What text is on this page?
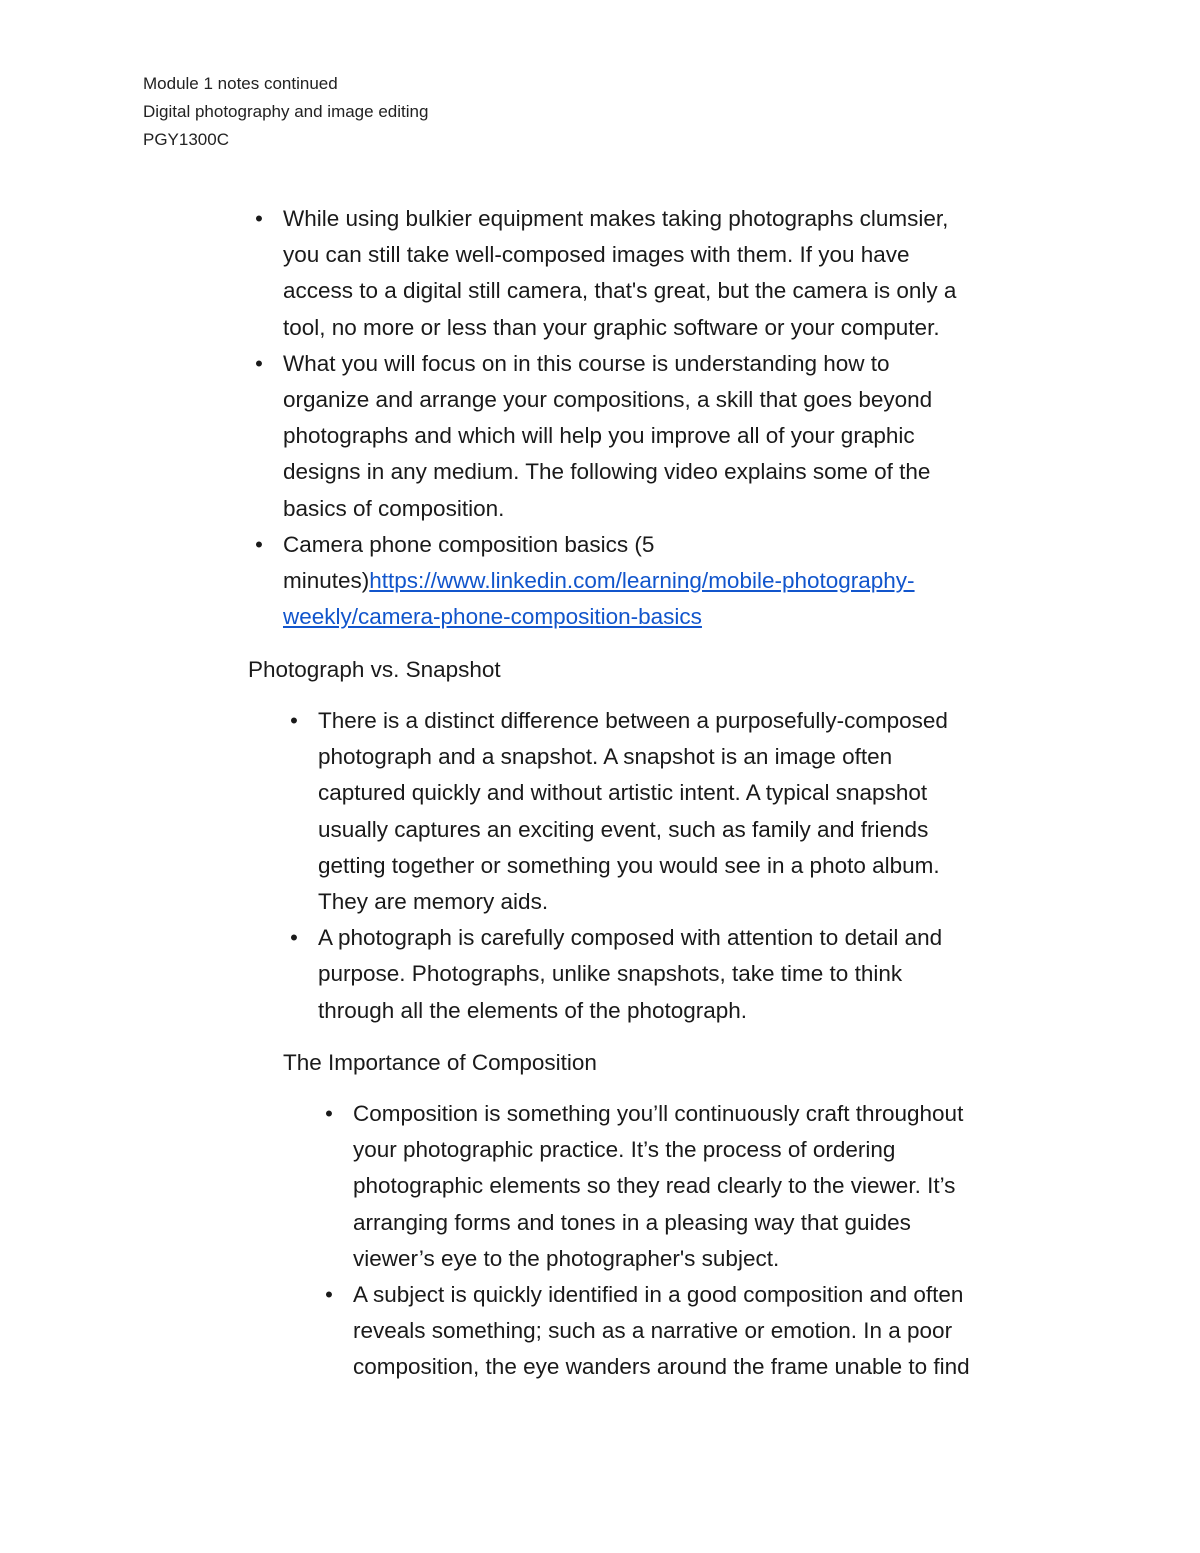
Module 1 notes continued
Digital photography and image editing
PGY1300C
• While using bulkier equipment makes taking photographs clumsier,
you can still take well-composed images with them. If you have
access to a digital still camera, that's great, but the camera is only a
tool, no more or less than your graphic software or your computer.
• What you will focus on in this course is understanding how to
organize and arrange your compositions, a skill that goes beyond
photographs and which will help you improve all of your graphic
designs in any medium. The following video explains some of the
basics of composition.
• Camera phone composition basics (5
minutes)https://www.linkedin.com/learning/mobile-photography-
weekly/camera-phone-composition-basics
Photograph vs. Snapshot
• There is a distinct difference between a purposefully-composed
photograph and a snapshot. A snapshot is an image often
captured quickly and without artistic intent. A typical snapshot
usually captures an exciting event, such as family and friends
getting together or something you would see in a photo album.
They are memory aids.
• A photograph is carefully composed with attention to detail and
purpose. Photographs, unlike snapshots, take time to think
through all the elements of the photograph.
The Importance of Composition
• Composition is something you’ll continuously craft throughout
your photographic practice. It’s the process of ordering
photographic elements so they read clearly to the viewer. It’s
arranging forms and tones in a pleasing way that guides
viewer’s eye to the photographer's subject.
• A subject is quickly identified in a good composition and often
reveals something; such as a narrative or emotion. In a poor
composition, the eye wanders around the frame unable to find
